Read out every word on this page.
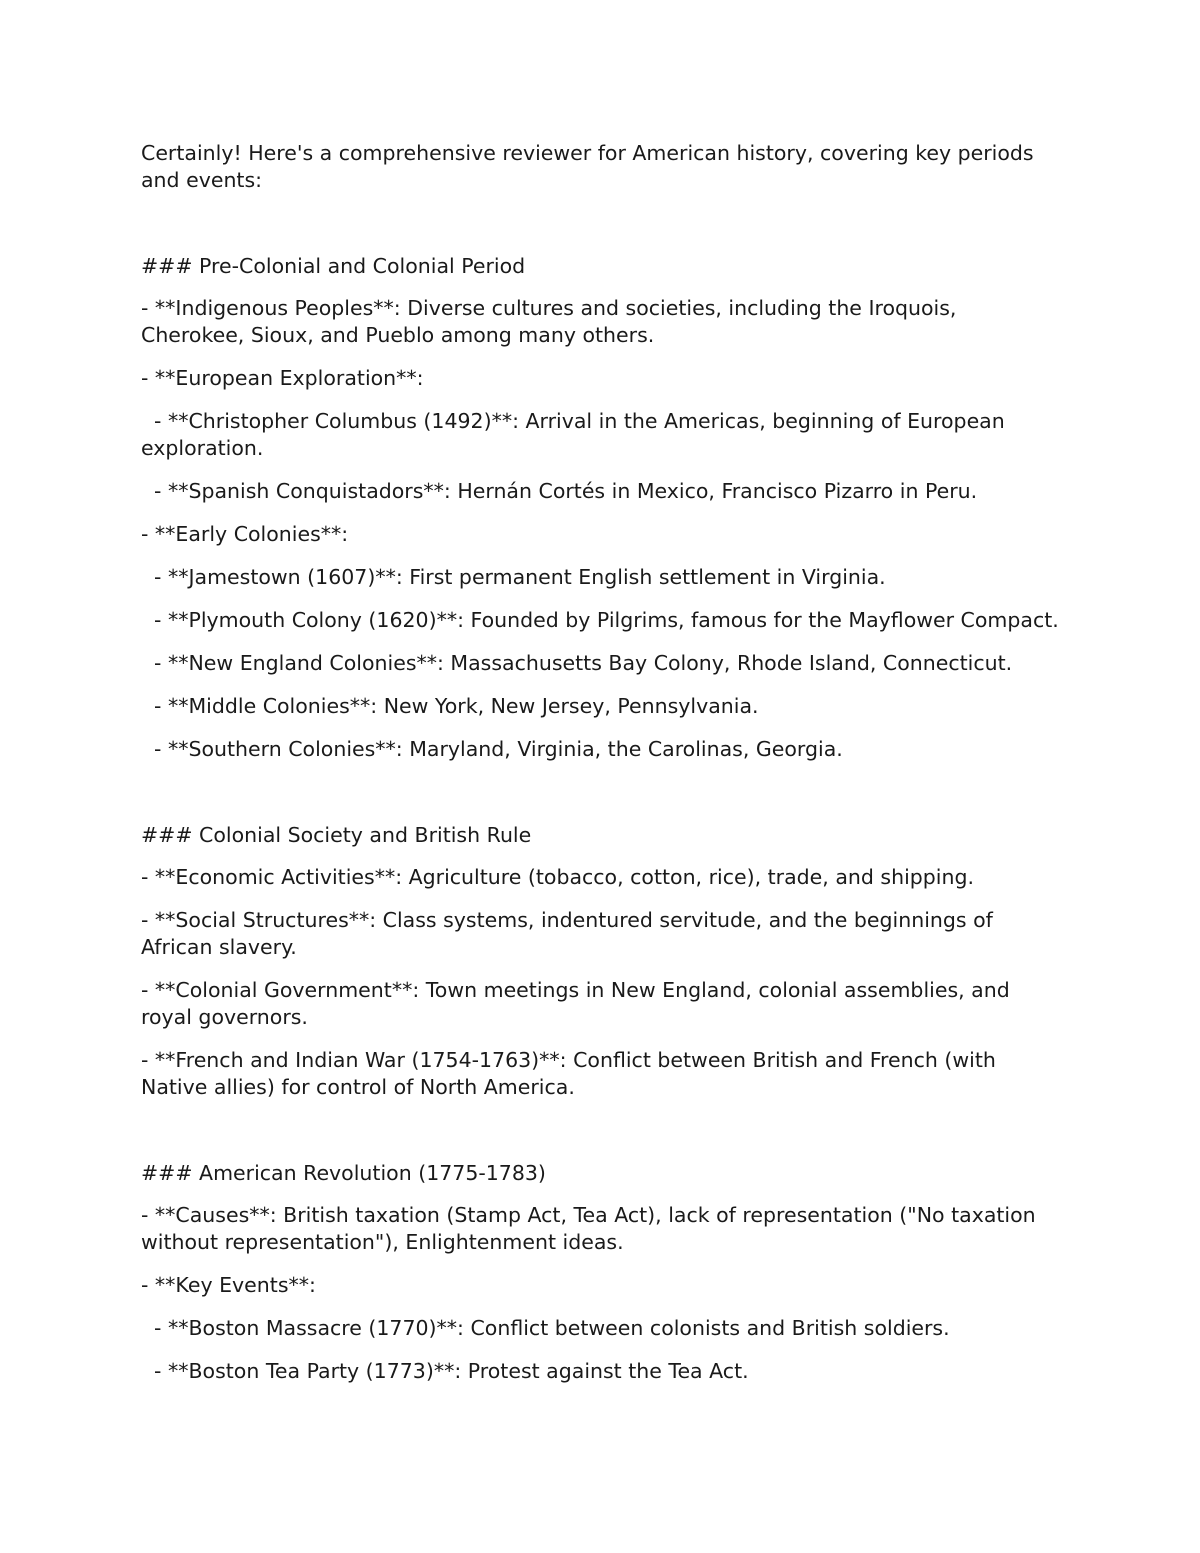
Certainly! Here's a comprehensive reviewer for American history, covering key periods and events:

### Pre-Colonial and Colonial Period

- **Indigenous Peoples**: Diverse cultures and societies, including the Iroquois, Cherokee, Sioux, and Pueblo among many others.

- **European Exploration**:

- **Christopher Columbus (1492)**: Arrival in the Americas, beginning of European exploration.

- **Spanish Conquistadors**: Hernán Cortés in Mexico, Francisco Pizarro in Peru.

- **Early Colonies**:

- **Jamestown (1607)**: First permanent English settlement in Virginia.

- **Plymouth Colony (1620)**: Founded by Pilgrims, famous for the Mayflower Compact.

- **New England Colonies**: Massachusetts Bay Colony, Rhode Island, Connecticut.

- **Middle Colonies**: New York, New Jersey, Pennsylvania.

- **Southern Colonies**: Maryland, Virginia, the Carolinas, Georgia.

### Colonial Society and British Rule

- **Economic Activities**: Agriculture (tobacco, cotton, rice), trade, and shipping.

- **Social Structures**: Class systems, indentured servitude, and the beginnings of African slavery.

- **Colonial Government**: Town meetings in New England, colonial assemblies, and royal governors.

- **French and Indian War (1754-1763)**: Conflict between British and French (with Native allies) for control of North America.

### American Revolution (1775-1783)

- **Causes**: British taxation (Stamp Act, Tea Act), lack of representation ("No taxation without representation"), Enlightenment ideas.

- **Key Events**:

- **Boston Massacre (1770)**: Conflict between colonists and British soldiers.

- **Boston Tea Party (1773)**: Protest against the Tea Act.
